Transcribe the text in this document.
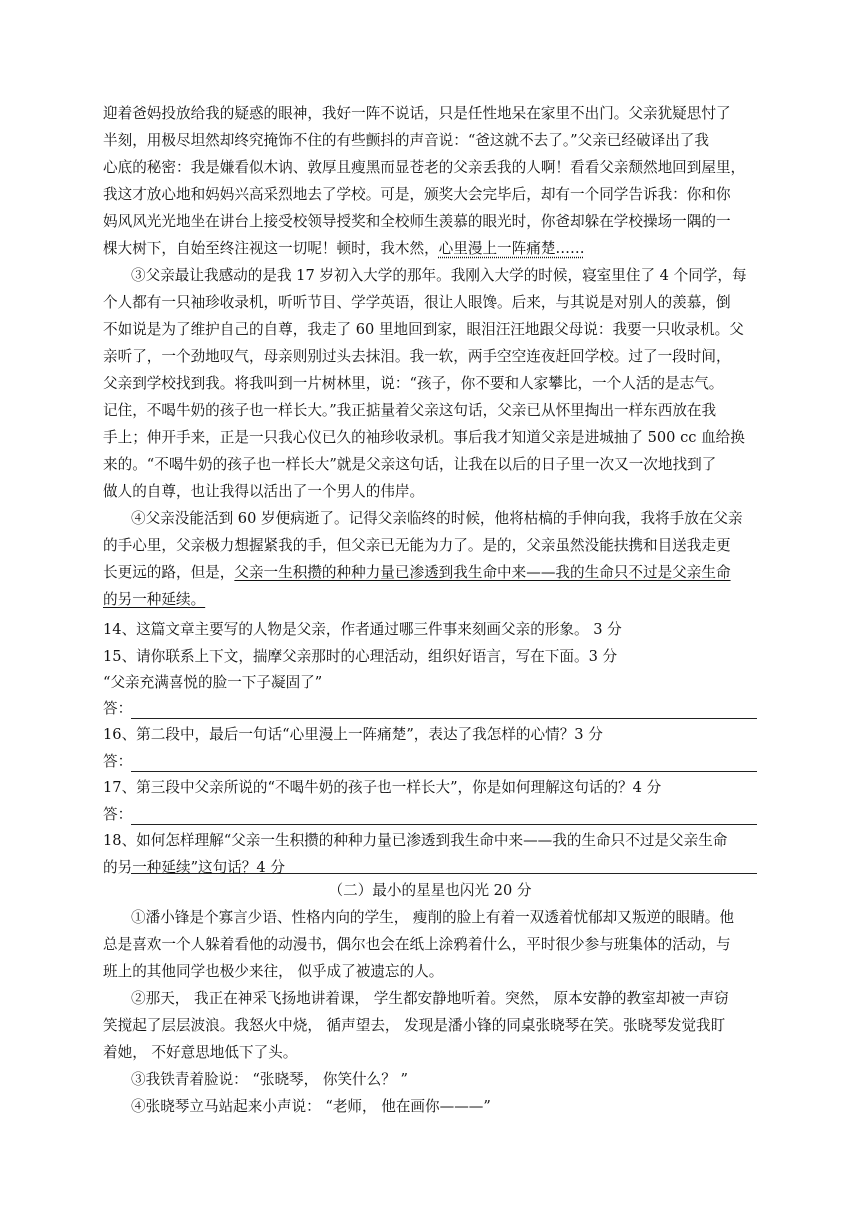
迎着爸妈投放给我的疑惑的眼神，我好一阵不说话，只是任性地呆在家里不出门。父亲犹疑思忖了
半刻，用极尽坦然却终究掩饰不住的有些颤抖的声音说：“爸这就不去了。”父亲已经破译出了我
心底的秘密：我是嫌看似木讷、敦厚且瘦黑而显苍老的父亲丢我的人啊！看看父亲颓然地回到屋里，
我这才放心地和妈妈兴高采烈地去了学校。可是，颁奖大会完毕后，却有一个同学告诉我：你和你
妈风风光光地坐在讲台上接受校领导授奖和全校师生羡慕的眼光时，你爸却躲在学校操场一隅的一
棵大树下，自始至终注视这一切呢！顿时，我木然，心里漫上一阵痛楚……
③父亲最让我感动的是我 17 岁初入大学的那年。我刚入大学的时候，寝室里住了 4 个同学，每
个人都有一只袖珍收录机，听听节目、学学英语，很让人眼馋。后来，与其说是对别人的羡慕，倒
不如说是为了维护自己的自尊，我走了 60 里地回到家，眼泪汪汪地跟父母说：我要一只收录机。父
亲听了，一个劲地叹气，母亲则别过头去抹泪。我一软，两手空空连夜赶回学校。过了一段时间，
父亲到学校找到我。将我叫到一片树林里，说：“孩子，你不要和人家攀比，一个人活的是志气。
记住，不喝牛奶的孩子也一样长大。”我正掂量着父亲这句话，父亲已从怀里掏出一样东西放在我
手上；伸开手来，正是一只我心仪已久的袖珍收录机。事后我才知道父亲是进城抽了 500 cc 血给换
来的。“不喝牛奶的孩子也一样长大”就是父亲这句话，让我在以后的日子里一次又一次地找到了
做人的自尊，也让我得以活出了一个男人的伟岸。
④父亲没能活到 60 岁便病逝了。记得父亲临终的时候，他将枯槁的手伸向我，我将手放在父亲
的手心里，父亲极力想握紧我的手，但父亲已无能为力了。是的，父亲虽然没能扶携和目送我走更
长更远的路，但是，父亲一生积攒的种种力量已渗透到我生命中来——我的生命只不过是父亲生命
的另一种延续。
14、这篇文章主要写的人物是父亲，作者通过哪三件事来刻画父亲的形象。 3 分
15、请你联系上下文，揣摩父亲那时的心理活动，组织好语言，写在下面。3 分
“父亲充满喜悦的脸一下子凝固了”
答：
16、第二段中，最后一句话“心里漫上一阵痛楚”，表达了我怎样的心情？3 分
答：
17、第三段中父亲所说的“不喝牛奶的孩子也一样长大”，你是如何理解这句话的？4 分
答：
18、如何怎样理解“父亲一生积攒的种种力量已渗透到我生命中来——我的生命只不过是父亲生命
的另一种延续”这句话？4 分
（二）最小的星星也闪光 20 分
①潘小锋是个寡言少语、性格内向的学生， 瘦削的脸上有着一双透着忧郁却又叛逆的眼睛。他
总是喜欢一个人躲着看他的动漫书，偶尔也会在纸上涂鸦着什么，平时很少参与班集体的活动，与
班上的其他同学也极少来往， 似乎成了被遗忘的人。
②那天， 我正在神采飞扬地讲着课， 学生都安静地听着。突然， 原本安静的教室却被一声窃
笑搅起了层层波浪。我怒火中烧， 循声望去， 发现是潘小锋的同桌张晓琴在笑。张晓琴发觉我盯
着她， 不好意思地低下了头。
③我铁青着脸说： “张晓琴， 你笑什么？ ”
④张晓琴立马站起来小声说： “老师， 他在画你———”
